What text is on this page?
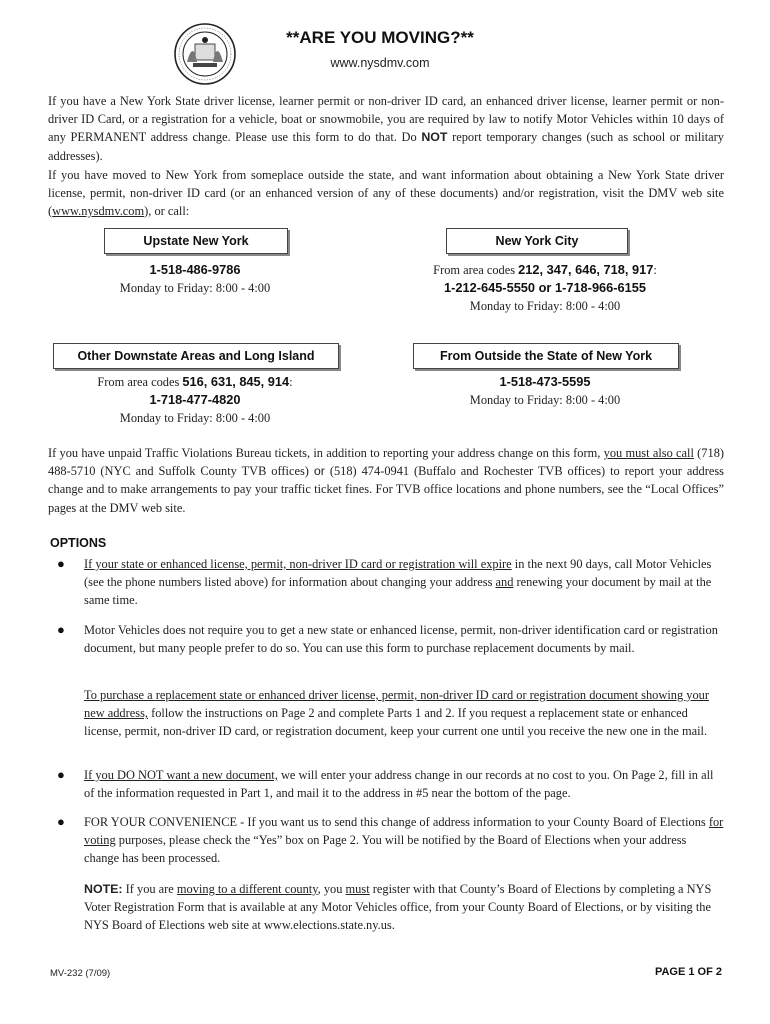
**ARE YOU MOVING?**
www.nysdmv.com

If you have a New York State driver license, learner permit or non-driver ID card, an enhanced driver license, learner permit or non-driver ID Card, or a registration for a vehicle, boat or snowmobile, you are required by law to notify Motor Vehicles within 10 days of any PERMANENT address change. Please use this form to do that. Do NOT report temporary changes (such as school or military addresses).

If you have moved to New York from someplace outside the state, and want information about obtaining a New York State driver license, permit, non-driver ID card (or an enhanced version of any of these documents) and/or registration, visit the DMV web site (www.nysdmv.com), or call:

Upstate New York
1-518-486-9786
Monday to Friday: 8:00 - 4:00
New York City
From area codes 212, 347, 646, 718, 917:
1-212-645-5550 or 1-718-966-6155
Monday to Friday: 8:00 - 4:00
Other Downstate Areas and Long Island
From area codes 516, 631, 845, 914:
1-718-477-4820
Monday to Friday: 8:00 - 4:00
From Outside the State of New York
1-518-473-5595
Monday to Friday: 8:00 - 4:00

If you have unpaid Traffic Violations Bureau tickets, in addition to reporting your address change on this form, you must also call (718) 488-5710 (NYC and Suffolk County TVB offices) or (518) 474-0941 (Buffalo and Rochester TVB offices) to report your address change and to make arrangements to pay your traffic ticket fines. For TVB office locations and phone numbers, see the “Local Offices” pages at the DMV web site.

OPTIONS
● If your state or enhanced license, permit, non-driver ID card or registration will expire in the next 90 days, call Motor Vehicles (see the phone numbers listed above) for information about changing your address and renewing your document by mail at the same time.

● Motor Vehicles does not require you to get a new state or enhanced license, permit, non-driver identification card or registration document, but many people prefer to do so. You can use this form to purchase replacement documents by mail.

To purchase a replacement state or enhanced driver license, permit, non-driver ID card or registration document showing your new address, follow the instructions on Page 2 and complete Parts 1 and 2. If you request a replacement state or enhanced license, permit, non-driver ID card, or registration document, keep your current one until you receive the new one in the mail.

● If you DO NOT want a new document, we will enter your address change in our records at no cost to you. On Page 2, fill in all of the information requested in Part 1, and mail it to the address in #5 near the bottom of the page.

● FOR YOUR CONVENIENCE - If you want us to send this change of address information to your County Board of Elections for voting purposes, please check the “Yes” box on Page 2. You will be notified by the Board of Elections when your address change has been processed.

NOTE: If you are moving to a different county, you must register with that County’s Board of Elections by completing a NYS Voter Registration Form that is available at any Motor Vehicles office, from your County Board of Elections, or by visiting the NYS Board of Elections web site at www.elections.state.ny.us.

MV-232 (7/09)	PAGE 1 OF 2
